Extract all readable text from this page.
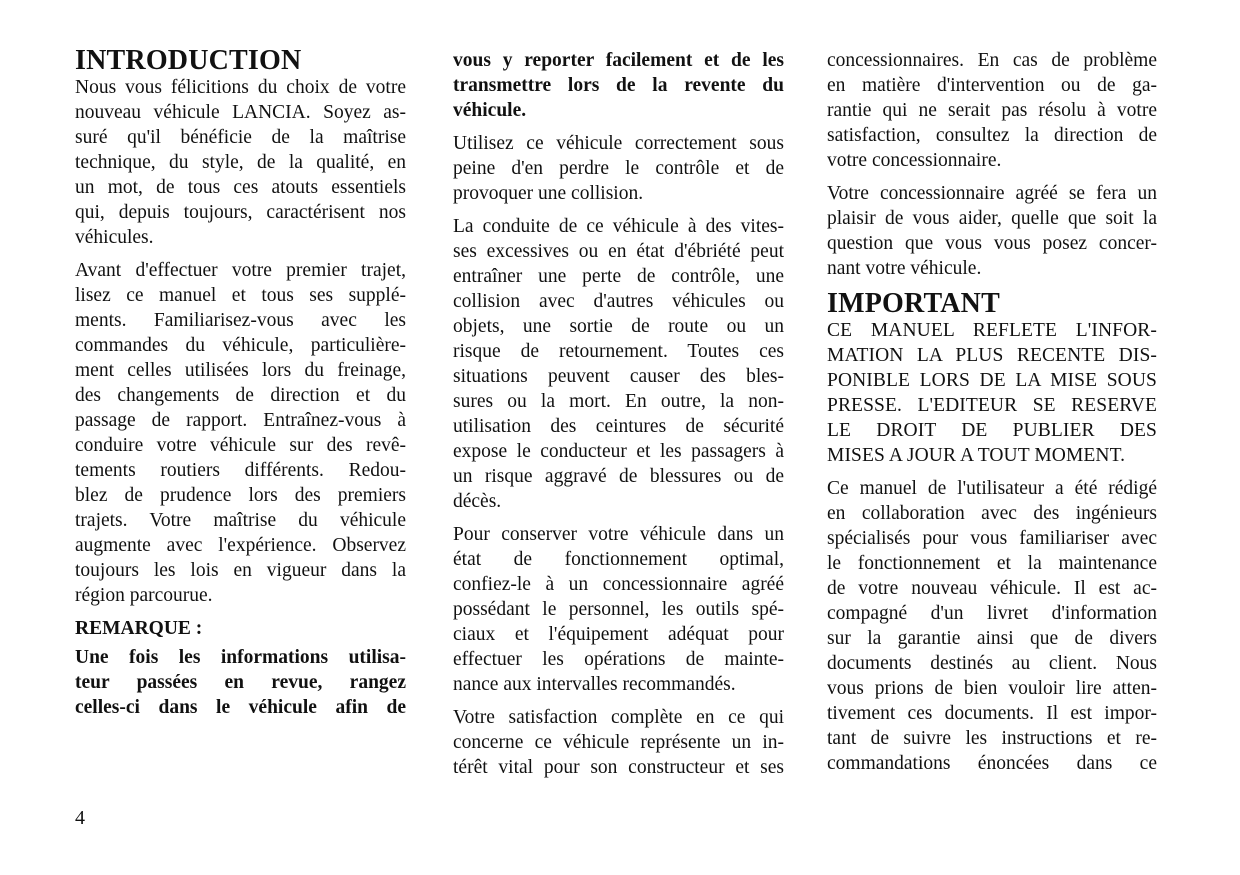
INTRODUCTION
Nous vous félicitions du choix de votre
nouveau véhicule LANCIA. Soyez as-
suré qu'il bénéficie de la maîtrise
technique, du style, de la qualité, en
un mot, de tous ces atouts essentiels
qui, depuis toujours, caractérisent nos
véhicules.
Avant d'effectuer votre premier trajet,
lisez ce manuel et tous ses supplé-
ments. Familiarisez-vous avec les
commandes du véhicule, particulière-
ment celles utilisées lors du freinage,
des changements de direction et du
passage de rapport. Entraînez-vous à
conduire votre véhicule sur des revê-
tements routiers différents. Redou-
blez de prudence lors des premiers
trajets. Votre maîtrise du véhicule
augmente avec l'expérience. Observez
toujours les lois en vigueur dans la
région parcourue.
REMARQUE :
Une fois les informations utilisa-
teur passées en revue, rangez
celles-ci dans le véhicule afin de
vous y reporter facilement et de les
transmettre lors de la revente du
véhicule.
Utilisez ce véhicule correctement sous
peine d'en perdre le contrôle et de
provoquer une collision.
La conduite de ce véhicule à des vites-
ses excessives ou en état d'ébriété peut
entraîner une perte de contrôle, une
collision avec d'autres véhicules ou
objets, une sortie de route ou un
risque de retournement. Toutes ces
situations peuvent causer des bles-
sures ou la mort. En outre, la non-
utilisation des ceintures de sécurité
expose le conducteur et les passagers à
un risque aggravé de blessures ou de
décès.
Pour conserver votre véhicule dans un
état de fonctionnement optimal,
confiez-le à un concessionnaire agréé
possédant le personnel, les outils spé-
ciaux et l'équipement adéquat pour
effectuer les opérations de mainte-
nance aux intervalles recommandés.
Votre satisfaction complète en ce qui
concerne ce véhicule représente un in-
térêt vital pour son constructeur et ses
concessionnaires. En cas de problème
en matière d'intervention ou de ga-
rantie qui ne serait pas résolu à votre
satisfaction, consultez la direction de
votre concessionnaire.
Votre concessionnaire agréé se fera un
plaisir de vous aider, quelle que soit la
question que vous vous posez concer-
nant votre véhicule.
IMPORTANT
CE MANUEL REFLETE L'INFOR-
MATION LA PLUS RECENTE DIS-
PONIBLE LORS DE LA MISE SOUS
PRESSE. L'EDITEUR SE RESERVE
LE DROIT DE PUBLIER DES
MISES A JOUR A TOUT MOMENT.
Ce manuel de l'utilisateur a été rédigé
en collaboration avec des ingénieurs
spécialisés pour vous familiariser avec
le fonctionnement et la maintenance
de votre nouveau véhicule. Il est ac-
compagné d'un livret d'information
sur la garantie ainsi que de divers
documents destinés au client. Nous
vous prions de bien vouloir lire atten-
tivement ces documents. Il est impor-
tant de suivre les instructions et re-
commandations énoncées dans ce
4
